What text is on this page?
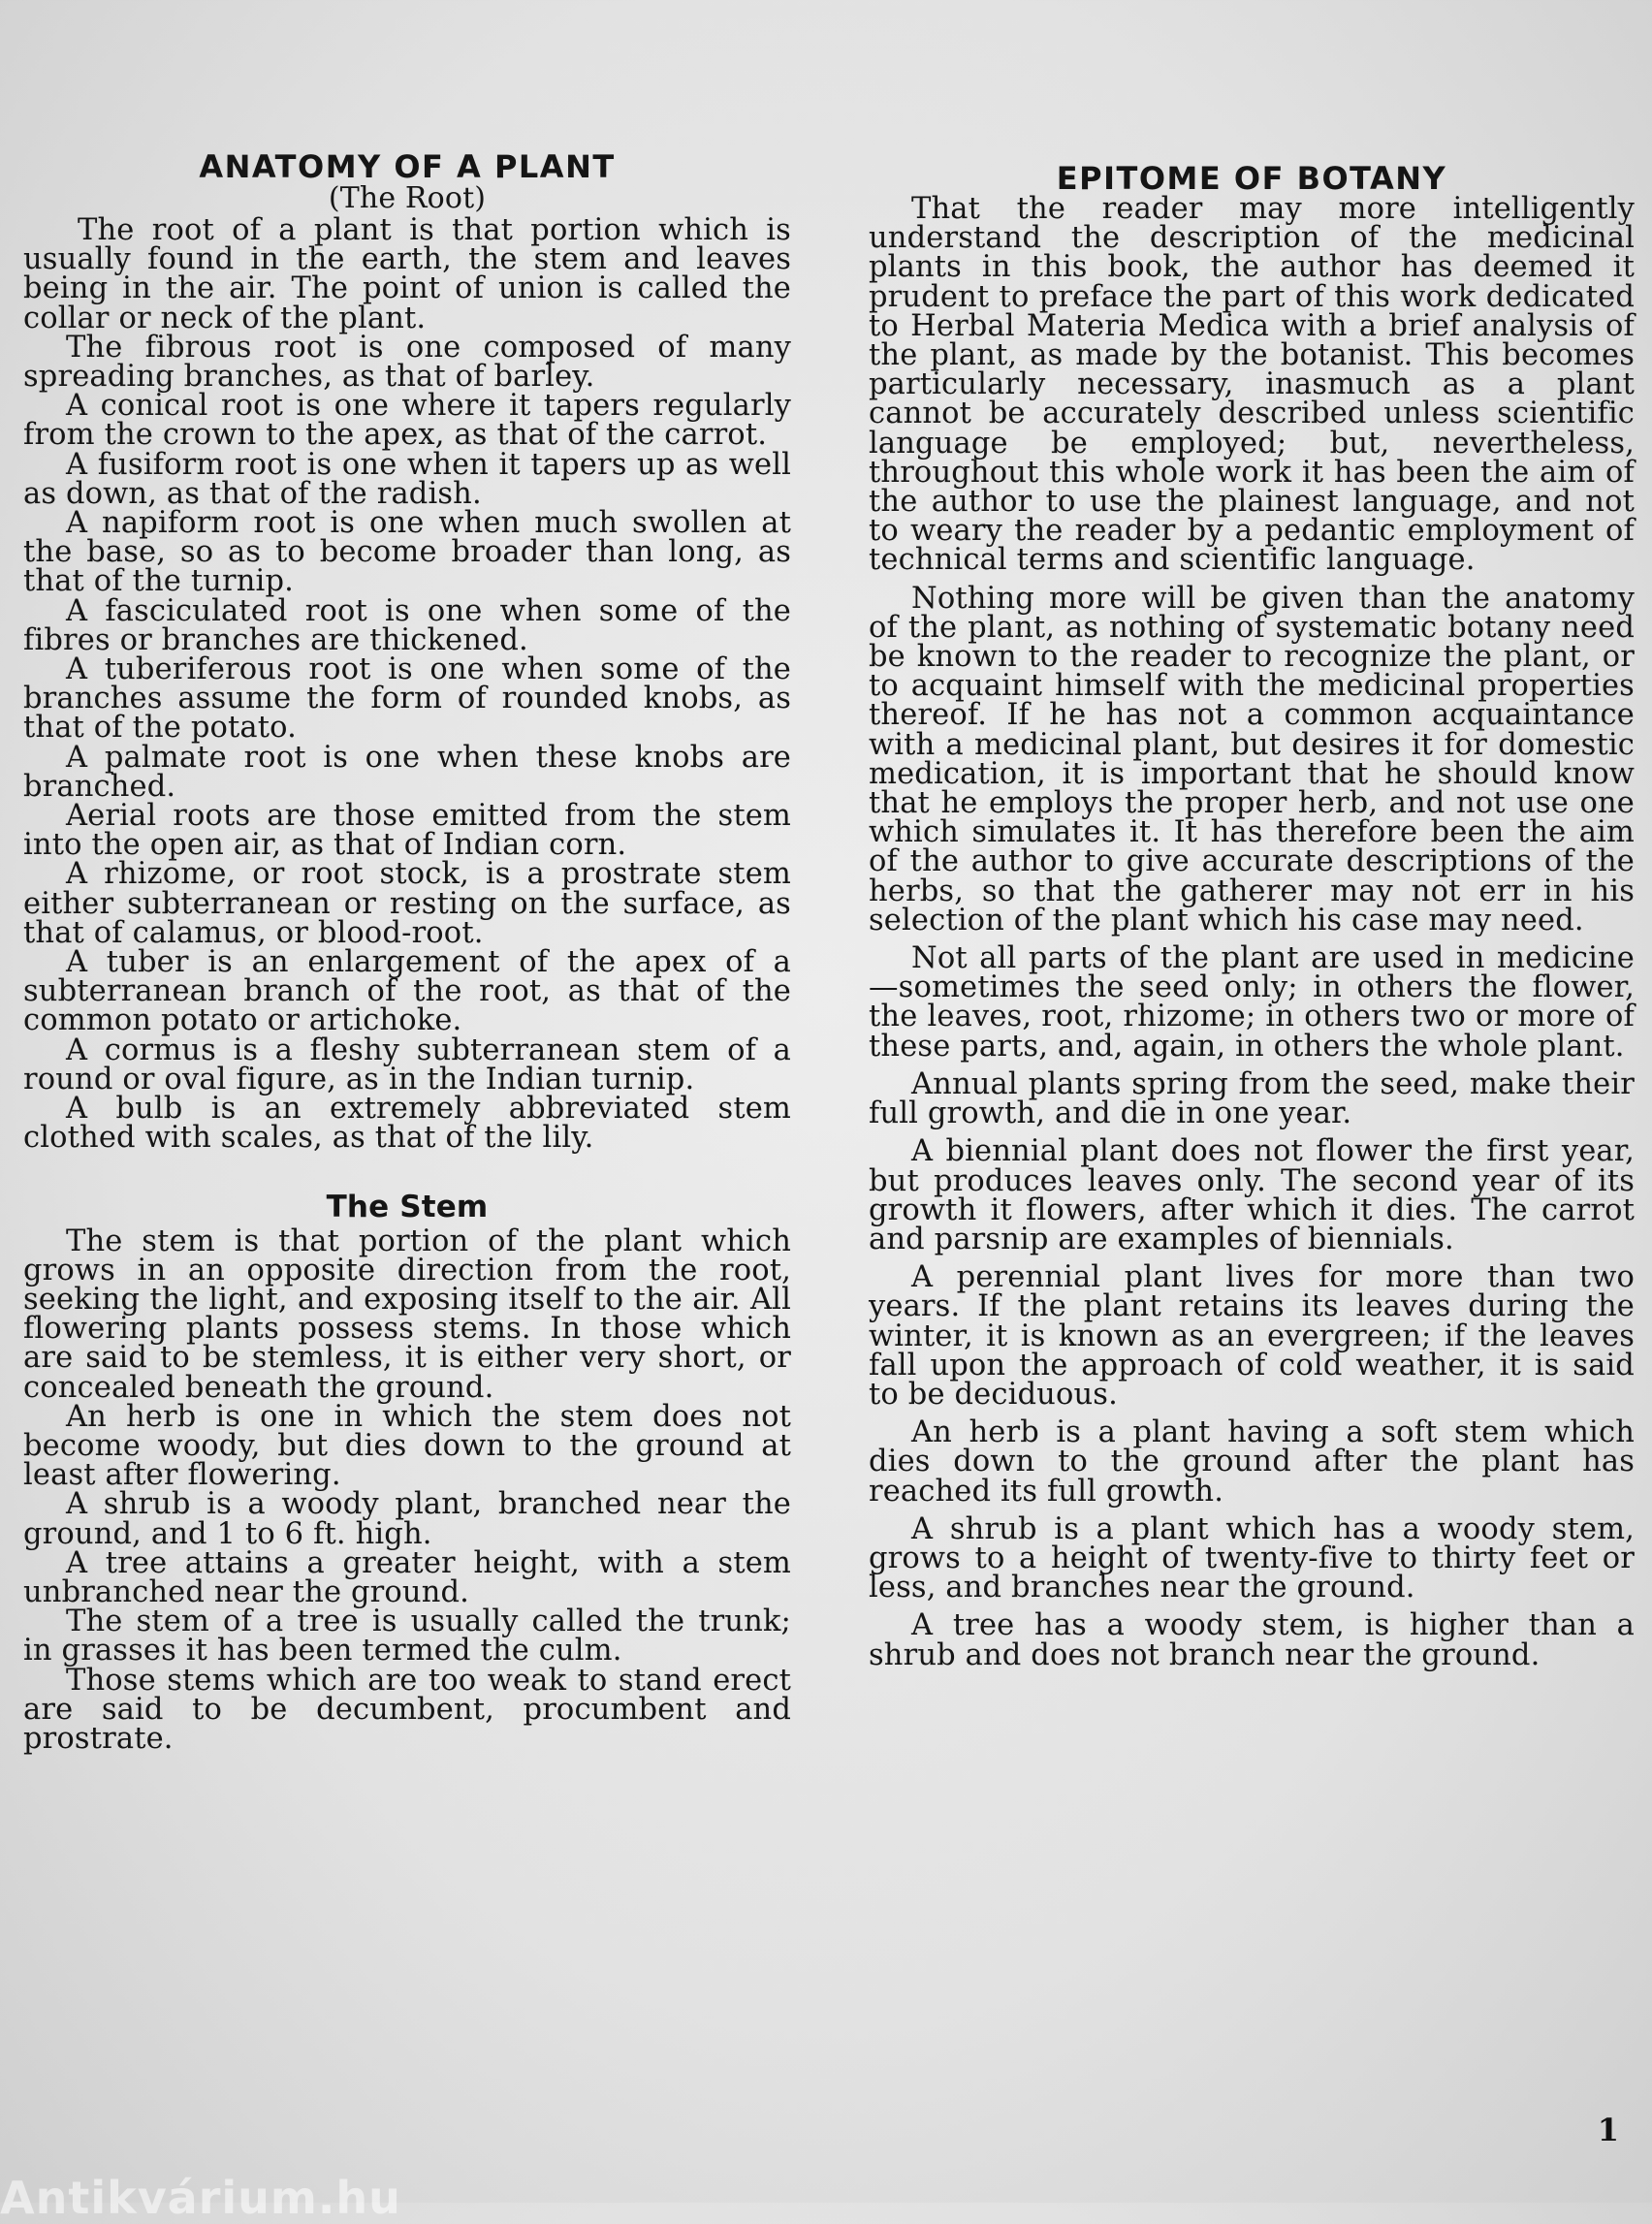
ANATOMY OF A PLANT
(The Root)

The root of a plant is that portion which is usually found in the earth, the stem and leaves being in the air. The point of union is called the collar or neck of the plant.

The fibrous root is one composed of many spreading branches, as that of barley.

A conical root is one where it tapers regularly from the crown to the apex, as that of the carrot.

A fusiform root is one when it tapers up as well as down, as that of the radish.

A napiform root is one when much swollen at the base, so as to become broader than long, as that of the turnip.

A fasciculated root is one when some of the fibres or branches are thickened.

A tuberiferous root is one when some of the branches assume the form of rounded knobs, as that of the potato.

A palmate root is one when these knobs are branched.

Aerial roots are those emitted from the stem into the open air, as that of Indian corn.

A rhizome, or root stock, is a prostrate stem either subterranean or resting on the surface, as that of calamus, or blood-root.

A tuber is an enlargement of the apex of a subterranean branch of the root, as that of the common potato or artichoke.

A cormus is a fleshy subterranean stem of a round or oval figure, as in the Indian turnip.

A bulb is an extremely abbreviated stem clothed with scales, as that of the lily.

The Stem

The stem is that portion of the plant which grows in an opposite direction from the root, seeking the light, and exposing itself to the air. All flowering plants possess stems. In those which are said to be stemless, it is either very short, or concealed beneath the ground.

An herb is one in which the stem does not become woody, but dies down to the ground at least after flowering.

A shrub is a woody plant, branched near the ground, and 1 to 6 ft. high.

A tree attains a greater height, with a stem unbranched near the ground.

The stem of a tree is usually called the trunk; in grasses it has been termed the culm.

Those stems which are too weak to stand erect are said to be decumbent, procumbent and prostrate.

EPITOME OF BOTANY

That the reader may more intelligently understand the description of the medicinal plants in this book, the author has deemed it prudent to preface the part of this work dedicated to Herbal Materia Medica with a brief analysis of the plant, as made by the botanist. This becomes particularly necessary, inasmuch as a plant cannot be accurately described unless scientific language be employed; but, nevertheless, throughout this whole work it has been the aim of the author to use the plainest language, and not to weary the reader by a pedantic employment of technical terms and scientific language.

Nothing more will be given than the anatomy of the plant, as nothing of systematic botany need be known to the reader to recognize the plant, or to acquaint himself with the medicinal properties thereof. If he has not a common acquaintance with a medicinal plant, but desires it for domestic medication, it is important that he should know that he employs the proper herb, and not use one which simulates it. It has therefore been the aim of the author to give accurate descriptions of the herbs, so that the gatherer may not err in his selection of the plant which his case may need.

Not all parts of the plant are used in medicine—sometimes the seed only; in others the flower, the leaves, root, rhizome; in others two or more of these parts, and, again, in others the whole plant.

Annual plants spring from the seed, make their full growth, and die in one year.

A biennial plant does not flower the first year, but produces leaves only. The second year of its growth it flowers, after which it dies. The carrot and parsnip are examples of biennials.

A perennial plant lives for more than two years. If the plant retains its leaves during the winter, it is known as an evergreen; if the leaves fall upon the approach of cold weather, it is said to be deciduous.

An herb is a plant having a soft stem which dies down to the ground after the plant has reached its full growth.

A shrub is a plant which has a woody stem, grows to a height of twenty-five to thirty feet or less, and branches near the ground.

A tree has a woody stem, is higher than a shrub and does not branch near the ground.

1
Antikvárium.hu
